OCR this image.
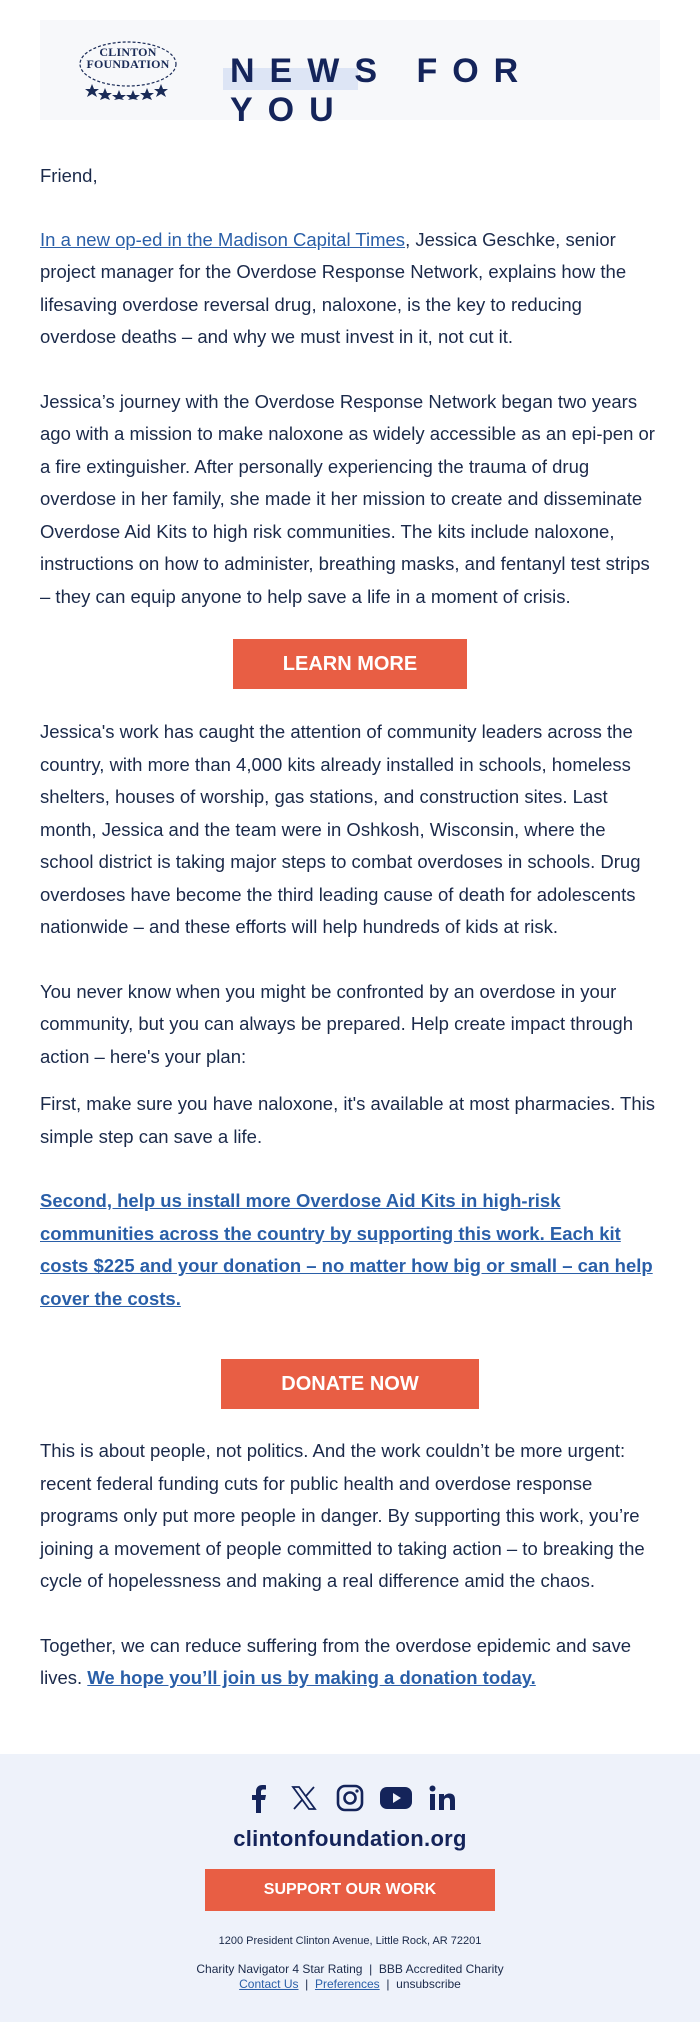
CLINTON
FOUNDATION NEWS FOR YOU

Friend,

In a new op-ed in the Madison Capital Times, Jessica Geschke, senior project manager for the Overdose Response Network, explains how the lifesaving overdose reversal drug, naloxone, is the key to reducing overdose deaths – and why we must invest in it, not cut it.

Jessica’s journey with the Overdose Response Network began two years ago with a mission to make naloxone as widely accessible as an epi-pen or a fire extinguisher. After personally experiencing the trauma of drug overdose in her family, she made it her mission to create and disseminate Overdose Aid Kits to high risk communities. The kits include naloxone, instructions on how to administer, breathing masks, and fentanyl test strips – they can equip anyone to help save a life in a moment of crisis.

LEARN MORE

Jessica's work has caught the attention of community leaders across the country, with more than 4,000 kits already installed in schools, homeless shelters, houses of worship, gas stations, and construction sites. Last month, Jessica and the team were in Oshkosh, Wisconsin, where the school district is taking major steps to combat overdoses in schools. Drug overdoses have become the third leading cause of death for adolescents nationwide – and these efforts will help hundreds of kids at risk.

You never know when you might be confronted by an overdose in your community, but you can always be prepared. Help create impact through action – here's your plan:

First, make sure you have naloxone, it's available at most pharmacies. This simple step can save a life.

Second, help us install more Overdose Aid Kits in high-risk communities across the country by supporting this work. Each kit costs $225 and your donation – no matter how big or small – can help cover the costs.

DONATE NOW

This is about people, not politics. And the work couldn’t be more urgent: recent federal funding cuts for public health and overdose response programs only put more people in danger. By supporting this work, you’re joining a movement of people committed to taking action – to breaking the cycle of hopelessness and making a real difference amid the chaos.

Together, we can reduce suffering from the overdose epidemic and save lives. We hope you’ll join us by making a donation today.

clintonfoundation.org
SUPPORT OUR WORK
1200 President Clinton Avenue, Little Rock, AR 72201
Charity Navigator 4 Star Rating | BBB Accredited Charity
Contact Us | Preferences | unsubscribe
